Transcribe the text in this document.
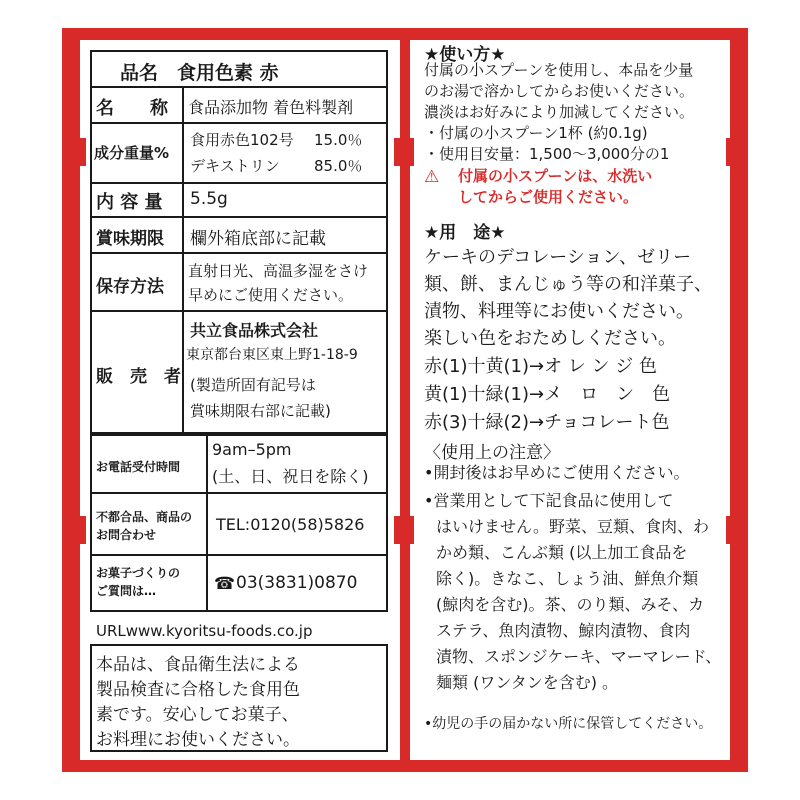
品名　食用色素 赤
名　　称 食品添加物 着色料製剤
成分重量%
食用赤色102号 15.0％
デキストリン 85.0％
内 容 量 5.5g
賞味期限 欄外箱底部に記載
保存方法
直射日光、高温多湿をさけ
早めにご使用ください。
販　売　者
共立食品株式会社
東京都台東区東上野1-18-9
(製造所固有記号は
賞味期限右部に記載)
お電話受付時間
9am–5pm
(土、日、祝日を除く)
不都合品、商品の
お問合わせ
TEL:0120(58)5826
お菓子づくりの
ご質問は…	☎ 03(3831)0870
URLwww.kyoritsu-foods.co.jp
本品は、食品衛生法による
製品検査に合格した食用色
素です。安心してお菓子、
お料理にお使いください。
★使い方★
付属の小スプーンを使用し、本品を少量
のお湯で溶かしてからお使いください。
濃淡はお好みにより加減してください。
・付属の小スプーン1杯 (約0.1g)
・使用目安量：1,500～3,000分の1
⚠ 付属の小スプーンは、水洗い
してからご使用ください。
★用　途★
ケーキのデコレーション、ゼリー
類、餅、まんじゅう等の和洋菓子、
漬物、料理等にお使いください。
楽しい色をおためしください。
赤(1)十黄(1)→オ レ ン ジ 色
黄(1)十緑(1)→メ　ロ　ン　色
赤(3)十緑(2)→チョコレート色
〈使用上の注意〉
•開封後はお早めにご使用ください。
•営業用として下記食品に使用して
はいけません。野菜、豆類、食肉、わ
かめ類、こんぶ類 (以上加工食品を
除く)。きなこ、しょう油、鮮魚介類
(鯨肉を含む)。茶、のり類、みそ、カ
ステラ、魚肉漬物、鯨肉漬物、食肉
漬物、スポンジケーキ、マーマレード、
麺類 (ワンタンを含む) 。
•幼児の手の届かない所に保管してください。
